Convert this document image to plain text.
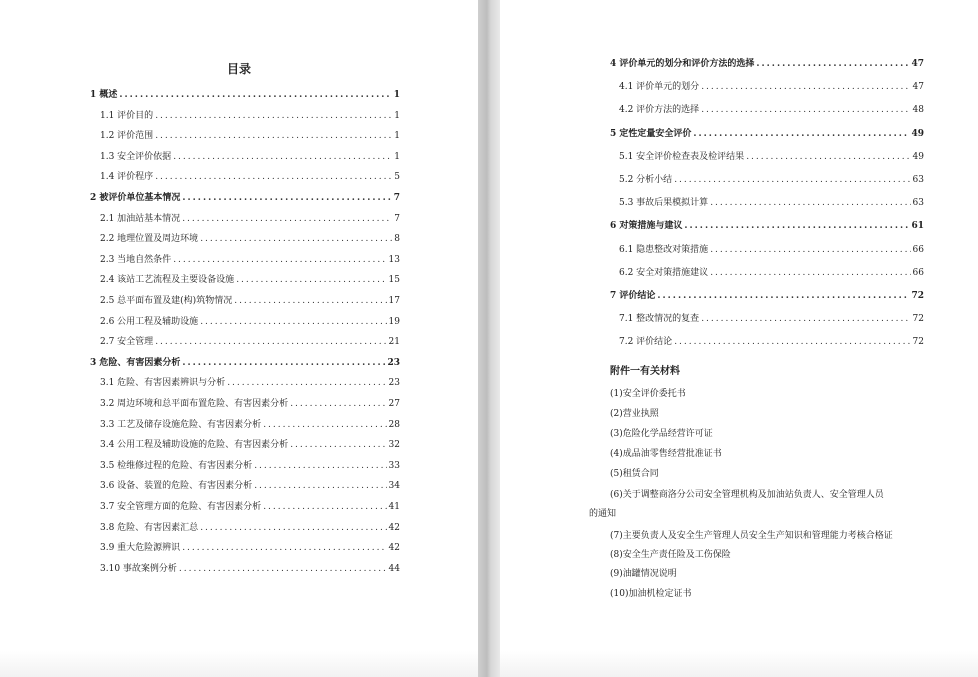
目录
1 概述 .....	1
1.1 评价目的 .....	1
1.2 评价范围 .....	1
1.3 安全评价依据 .....	1
1.4 评价程序 .....	5
2 被评价单位基本情况 .....	7
2.1 加油站基本情况 .....	7
2.2 地理位置及周边环境 .....	8
2.3 当地自然条件 .....	13
2.4 该站工艺流程及主要设备设施 .....	15
2.5 总平面布置及建(构)筑物情况 .....	17
2.6 公用工程及辅助设施 .....	19
2.7 安全管理 .....	21
3 危险、有害因素分析 .....	23
3.1 危险、有害因素辨识与分析 .....	23
3.2 周边环境和总平面布置危险、有害因素分析 .....	27
3.3 工艺及储存设施危险、有害因素分析 .....	28
3.4 公用工程及辅助设施的危险、有害因素分析 .....	32
3.5 检维修过程的危险、有害因素分析 .....	33
3.6 设备、装置的危险、有害因素分析 .....	34
3.7 安全管理方面的危险、有害因素分析 .....	41
3.8 危险、有害因素汇总 .....	42
3.9 重大危险源辨识 .....	42
3.10 事故案例分析 .....	44
4 评价单元的划分和评价方法的选择 .....	47
4.1 评价单元的划分 .....	47
4.2 评价方法的选择 .....	48
5 定性定量安全评价 .....	49
5.1 安全评价检查表及检评结果 .....	49
5.2 分析小结 .....	63
5.3 事故后果模拟计算 .....	63
6 对策措施与建议 .....	61
6.1 隐患整改对策措施 .....	66
6.2 安全对策措施建议 .....	66
7 评价结论 .....	72
7.1 整改情况的复查 .....	72
7.2 评价结论 .....	72
附件一有关材料
(1)安全评价委托书
(2)营业执照
(3)危险化学品经营许可证
(4)成品油零售经营批准证书
(5)租赁合同
(6)关于调整商洛分公司安全管理机构及加油站负责人、安全管理人员
的通知
(7)主要负责人及安全生产管理人员安全生产知识和管理能力考核合格证
(8)安全生产责任险及工伤保险
(9)油罐情况说明
(10)加油机检定证书
